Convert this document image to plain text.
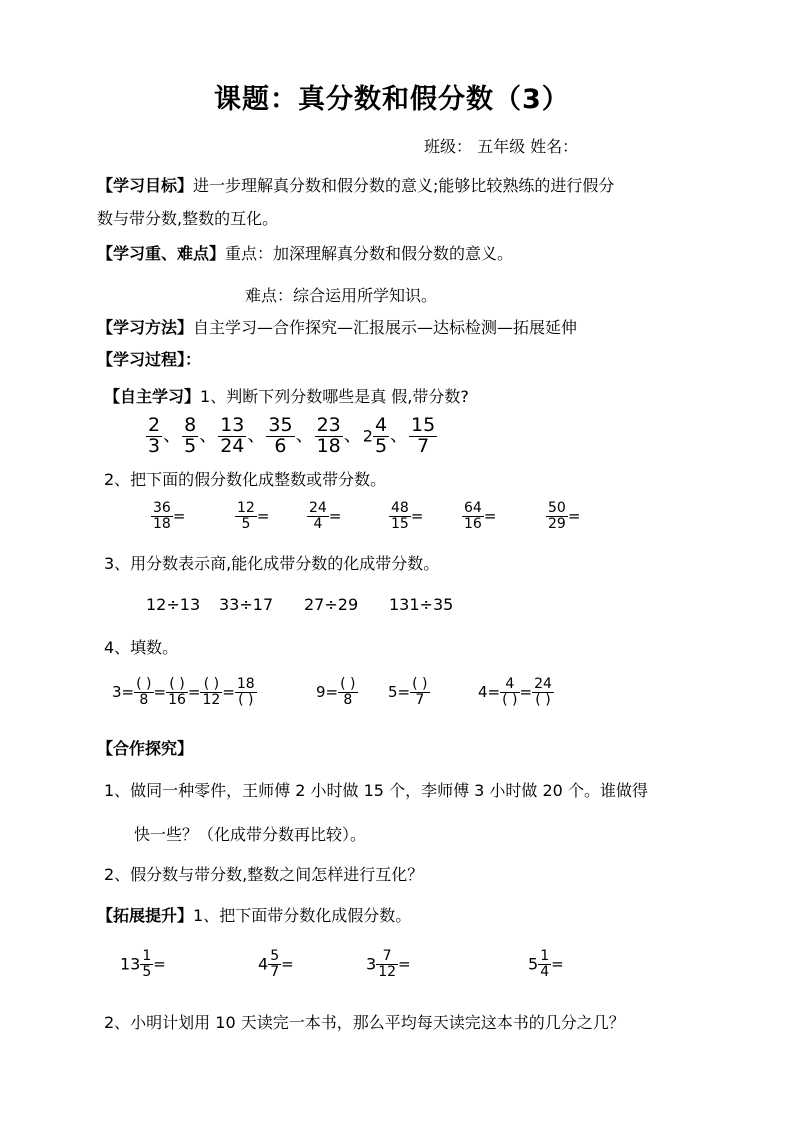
课题：真分数和假分数（3）
班级： 五年级 姓名：
【学习目标】进一步理解真分数和假分数的意义;能够比较熟练的进行假分
数与带分数,整数的互化。
【学习重、难点】重点：加深理解真分数和假分数的意义。
难点：综合运用所学知识。
【学习方法】自主学习—合作探究—汇报展示—达标检测—拓展延伸
【学习过程】：
【自主学习】1、判断下列分数哪些是真 假,带分数?
$\frac{2}{3}$ 、 $\frac{8}{5}$ 、 $\frac{13}{24}$ 、 $\frac{35}{6}$ 、 $\frac{23}{18}$ 、$2 \frac{4}{5}$ 、 $\frac{15}{7}$
2、把下面的假分数化成整数或带分数。
$\frac{36}{18}$ =	$\frac{12}{5}$ =	$\frac{24}{4}$ =	$\frac{48}{15}$ =	$\frac{64}{16}$ =	$\frac{50}{29}$ =
3、用分数表示商,能化成带分数的化成带分数。
12÷13 33÷17 27÷29 131÷35
4、填数。
$3= \frac{( )}{8} = \frac{( )}{16} = \frac{( )}{12} = \frac{18}{( )}$	$9= \frac{( )}{8} 5= \frac{( )}{7}$	$4= \frac{4}{( )} = \frac{24}{( )}$
【合作探究】
1、做同一种零件，王师傅 2 小时做 15 个，李师傅 3 小时做 20 个。谁做得
快一些？（化成带分数再比较）。
2、假分数与带分数,整数之间怎样进行互化？
【拓展提升】1、把下面带分数化成假分数。
$13 \frac{1}{5}$ =	$4 \frac{5}{7}$ =	$3 \frac{7}{12}$ =	$5 \frac{1}{4}$ =
2、小明计划用 10 天读完一本书，那么平均每天读完这本书的几分之几？
